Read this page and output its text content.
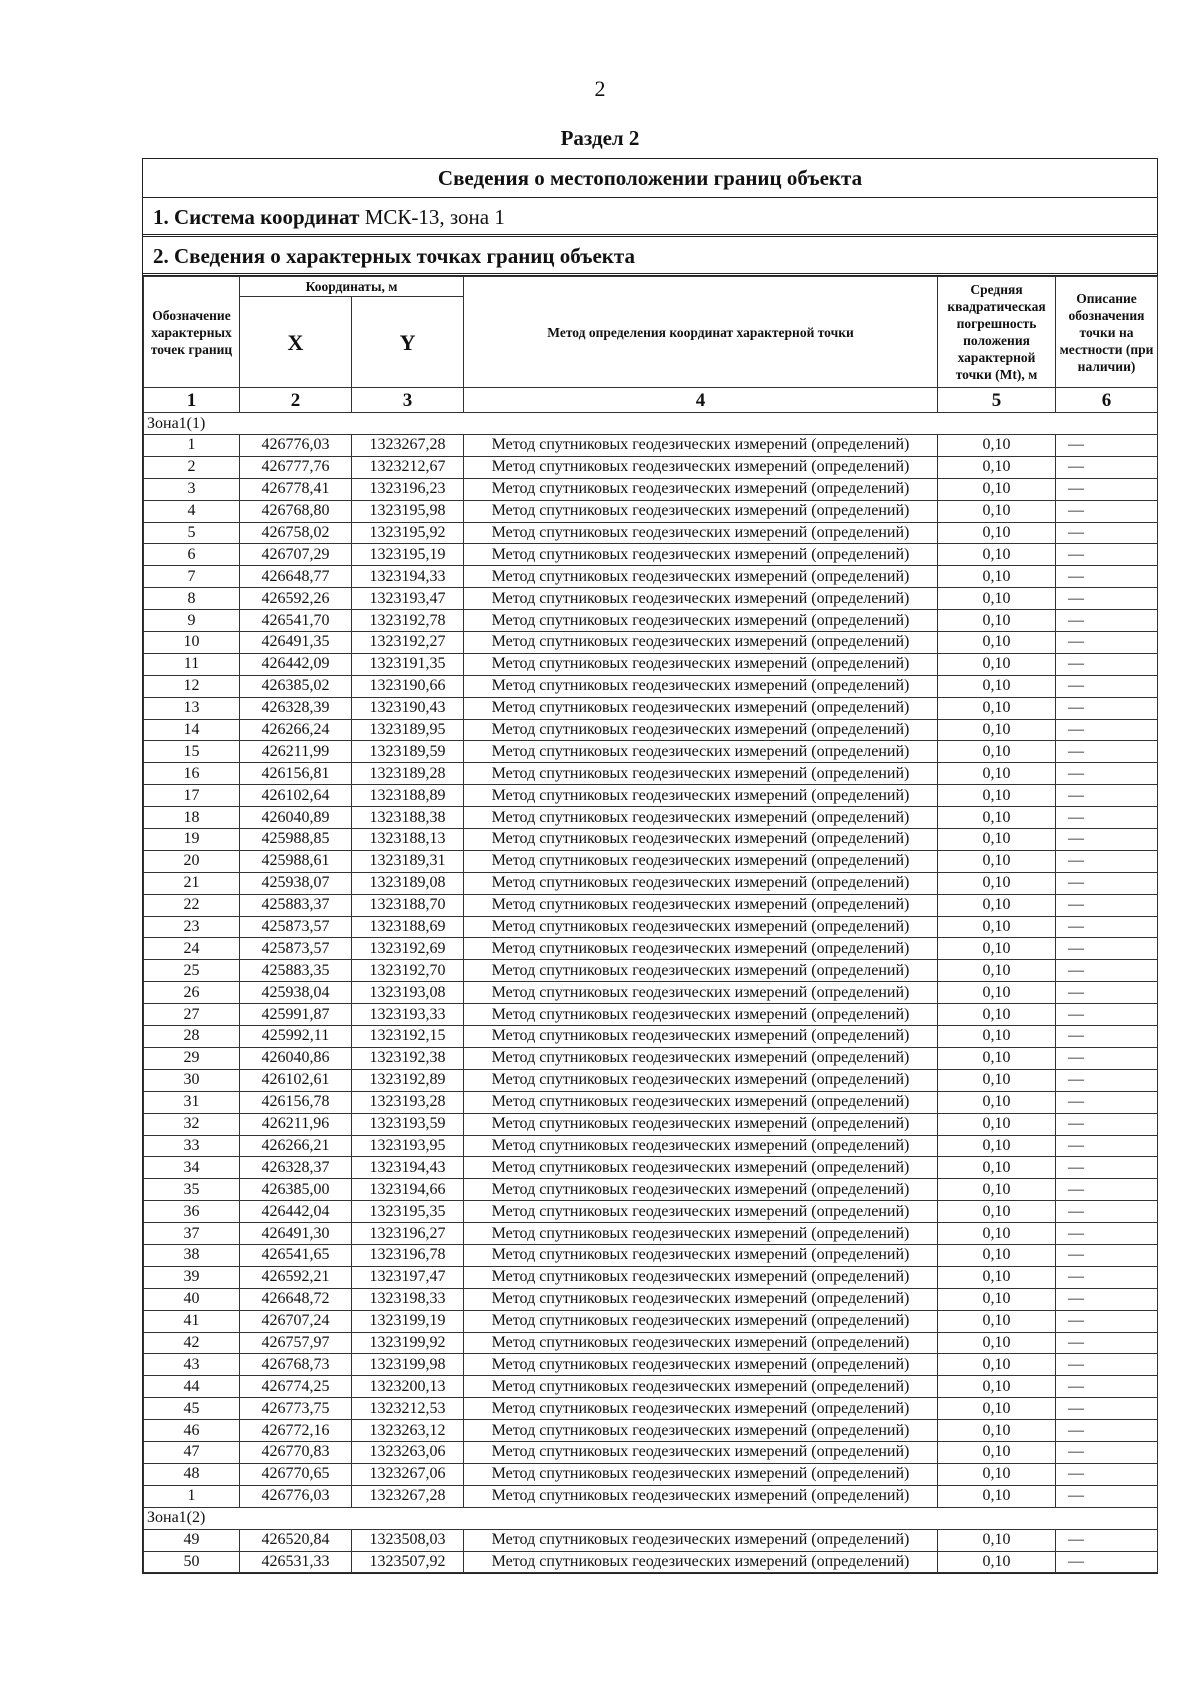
2
Раздел 2
Сведения о местоположении границ объекта
1. Система координат МСК-13, зона 1
2. Сведения о характерных точках границ объекта
Обозначение характерных точек границ	Координаты, м		Метод определения координат характерной точки	Средняя квадратическая погрешность положения характерной точки (Mt), м	Описание обозначения точки на местности (при наличии)
	X	Y			
1	2	3	4	5	6
Зона1(1)					
1	426776,03	1323267,28	Метод спутниковых геодезических измерений (определений)	0,10	—
2	426777,76	1323212,67	Метод спутниковых геодезических измерений (определений)	0,10	—
3	426778,41	1323196,23	Метод спутниковых геодезических измерений (определений)	0,10	—
4	426768,80	1323195,98	Метод спутниковых геодезических измерений (определений)	0,10	—
5	426758,02	1323195,92	Метод спутниковых геодезических измерений (определений)	0,10	—
6	426707,29	1323195,19	Метод спутниковых геодезических измерений (определений)	0,10	—
7	426648,77	1323194,33	Метод спутниковых геодезических измерений (определений)	0,10	—
8	426592,26	1323193,47	Метод спутниковых геодезических измерений (определений)	0,10	—
9	426541,70	1323192,78	Метод спутниковых геодезических измерений (определений)	0,10	—
10	426491,35	1323192,27	Метод спутниковых геодезических измерений (определений)	0,10	—
11	426442,09	1323191,35	Метод спутниковых геодезических измерений (определений)	0,10	—
12	426385,02	1323190,66	Метод спутниковых геодезических измерений (определений)	0,10	—
13	426328,39	1323190,43	Метод спутниковых геодезических измерений (определений)	0,10	—
14	426266,24	1323189,95	Метод спутниковых геодезических измерений (определений)	0,10	—
15	426211,99	1323189,59	Метод спутниковых геодезических измерений (определений)	0,10	—
16	426156,81	1323189,28	Метод спутниковых геодезических измерений (определений)	0,10	—
17	426102,64	1323188,89	Метод спутниковых геодезических измерений (определений)	0,10	—
18	426040,89	1323188,38	Метод спутниковых геодезических измерений (определений)	0,10	—
19	425988,85	1323188,13	Метод спутниковых геодезических измерений (определений)	0,10	—
20	425988,61	1323189,31	Метод спутниковых геодезических измерений (определений)	0,10	—
21	425938,07	1323189,08	Метод спутниковых геодезических измерений (определений)	0,10	—
22	425883,37	1323188,70	Метод спутниковых геодезических измерений (определений)	0,10	—
23	425873,57	1323188,69	Метод спутниковых геодезических измерений (определений)	0,10	—
24	425873,57	1323192,69	Метод спутниковых геодезических измерений (определений)	0,10	—
25	425883,35	1323192,70	Метод спутниковых геодезических измерений (определений)	0,10	—
26	425938,04	1323193,08	Метод спутниковых геодезических измерений (определений)	0,10	—
27	425991,87	1323193,33	Метод спутниковых геодезических измерений (определений)	0,10	—
28	425992,11	1323192,15	Метод спутниковых геодезических измерений (определений)	0,10	—
29	426040,86	1323192,38	Метод спутниковых геодезических измерений (определений)	0,10	—
30	426102,61	1323192,89	Метод спутниковых геодезических измерений (определений)	0,10	—
31	426156,78	1323193,28	Метод спутниковых геодезических измерений (определений)	0,10	—
32	426211,96	1323193,59	Метод спутниковых геодезических измерений (определений)	0,10	—
33	426266,21	1323193,95	Метод спутниковых геодезических измерений (определений)	0,10	—
34	426328,37	1323194,43	Метод спутниковых геодезических измерений (определений)	0,10	—
35	426385,00	1323194,66	Метод спутниковых геодезических измерений (определений)	0,10	—
36	426442,04	1323195,35	Метод спутниковых геодезических измерений (определений)	0,10	—
37	426491,30	1323196,27	Метод спутниковых геодезических измерений (определений)	0,10	—
38	426541,65	1323196,78	Метод спутниковых геодезических измерений (определений)	0,10	—
39	426592,21	1323197,47	Метод спутниковых геодезических измерений (определений)	0,10	—
40	426648,72	1323198,33	Метод спутниковых геодезических измерений (определений)	0,10	—
41	426707,24	1323199,19	Метод спутниковых геодезических измерений (определений)	0,10	—
42	426757,97	1323199,92	Метод спутниковых геодезических измерений (определений)	0,10	—
43	426768,73	1323199,98	Метод спутниковых геодезических измерений (определений)	0,10	—
44	426774,25	1323200,13	Метод спутниковых геодезических измерений (определений)	0,10	—
45	426773,75	1323212,53	Метод спутниковых геодезических измерений (определений)	0,10	—
46	426772,16	1323263,12	Метод спутниковых геодезических измерений (определений)	0,10	—
47	426770,83	1323263,06	Метод спутниковых геодезических измерений (определений)	0,10	—
48	426770,65	1323267,06	Метод спутниковых геодезических измерений (определений)	0,10	—
1	426776,03	1323267,28	Метод спутниковых геодезических измерений (определений)	0,10	—
Зона1(2)					
49	426520,84	1323508,03	Метод спутниковых геодезических измерений (определений)	0,10	—
50	426531,33	1323507,92	Метод спутниковых геодезических измерений (определений)	0,10	—
